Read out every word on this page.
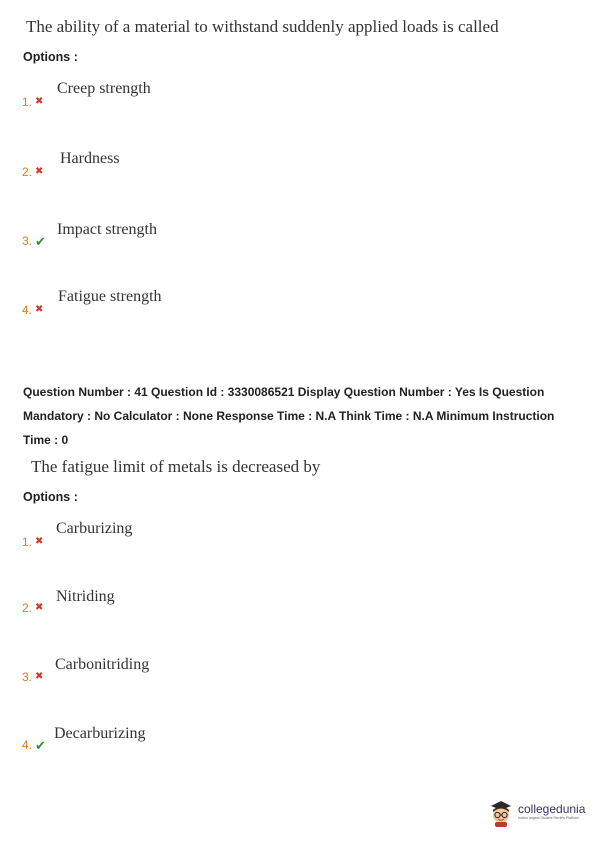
The ability of a material to withstand suddenly applied loads is called
Options :
1. ✖
Creep strength
2. ✖
Hardness
3. ✔
Impact strength
4. ✖
Fatigue strength
Question Number : 41 Question Id : 3330086521 Display Question Number : Yes Is Question
Mandatory : No Calculator : None Response Time : N.A Think Time : N.A Minimum Instruction
Time : 0
The fatigue limit of metals is decreased by
Options :
1. ✖
Carburizing
2. ✖
Nitriding
3. ✖
Carbonitriding
4. ✔
Decarburizing
collegedunia
India's largest Student Review Platform
